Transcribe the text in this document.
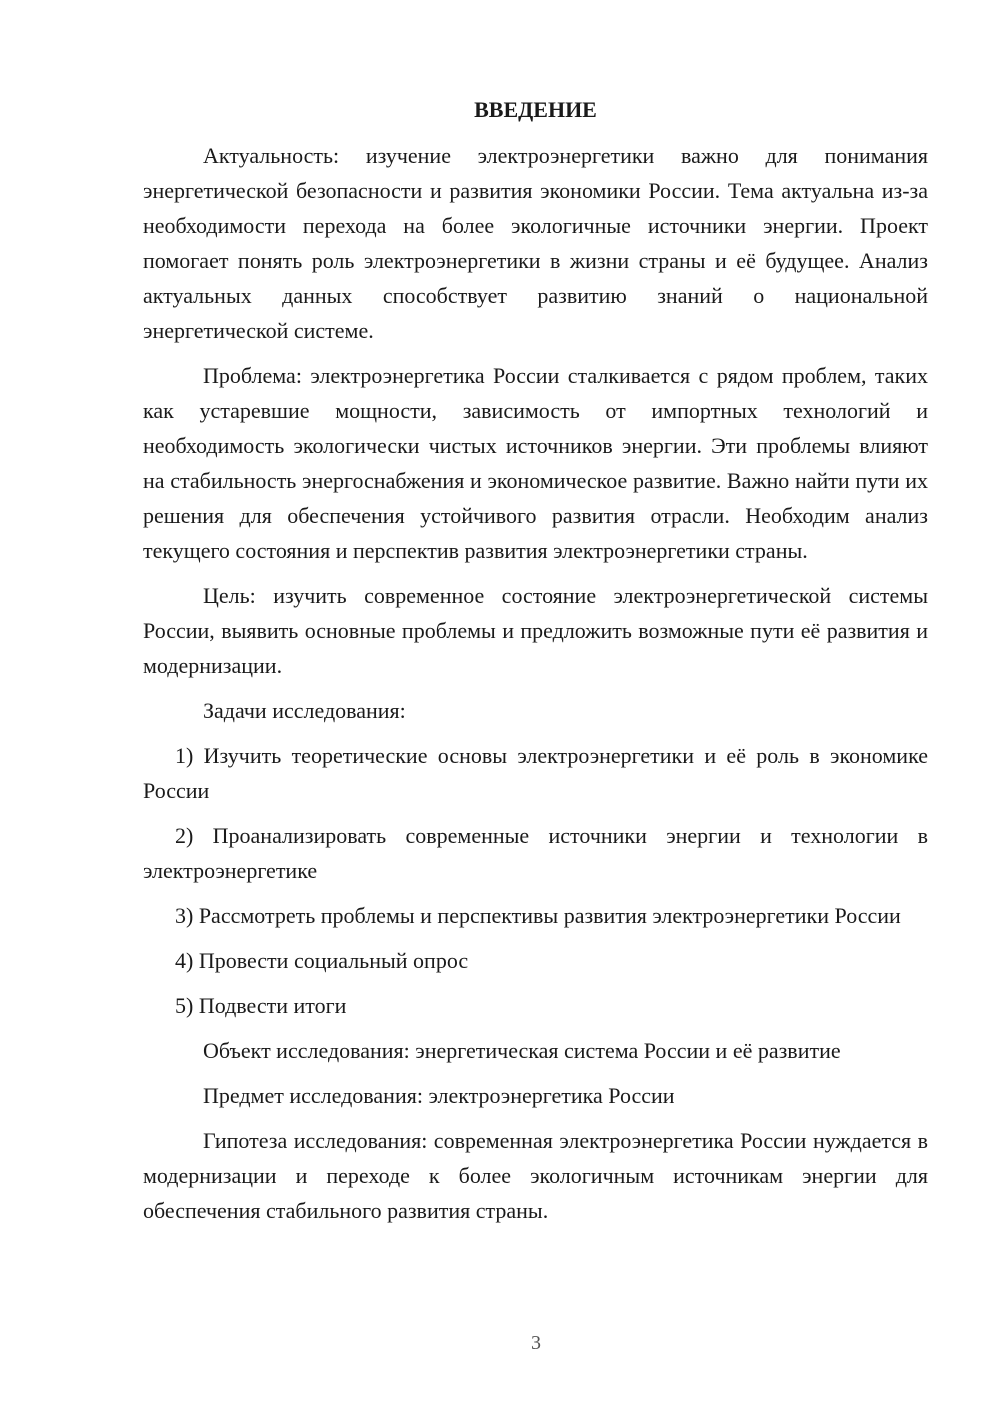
ВВЕДЕНИЕ

Актуальность: изучение электроэнергетики важно для понимания энергетической безопасности и развития экономики России. Тема актуальна из-за необходимости перехода на более экологичные источники энергии. Проект помогает понять роль электроэнергетики в жизни страны и её будущее. Анализ актуальных данных способствует развитию знаний о национальной энергетической системе.

Проблема: электроэнергетика России сталкивается с рядом проблем, таких как устаревшие мощности, зависимость от импортных технологий и необходимость экологически чистых источников энергии. Эти проблемы влияют на стабильность энергоснабжения и экономическое развитие. Важно найти пути их решения для обеспечения устойчивого развития отрасли. Необходим анализ текущего состояния и перспектив развития электроэнергетики страны.

Цель: изучить современное состояние электроэнергетической системы России, выявить основные проблемы и предложить возможные пути её развития и модернизации.

Задачи исследования:

1) Изучить теоретические основы электроэнергетики и её роль в экономике России

2) Проанализировать современные источники энергии и технологии в электроэнергетике

3) Рассмотреть проблемы и перспективы развития электроэнергетики России

4) Провести социальный опрос

5) Подвести итоги

Объект исследования: энергетическая система России и её развитие

Предмет исследования: электроэнергетика России

Гипотеза исследования: современная электроэнергетика России нуждается в модернизации и переходе к более экологичным источникам энергии для обеспечения стабильного развития страны.

3
